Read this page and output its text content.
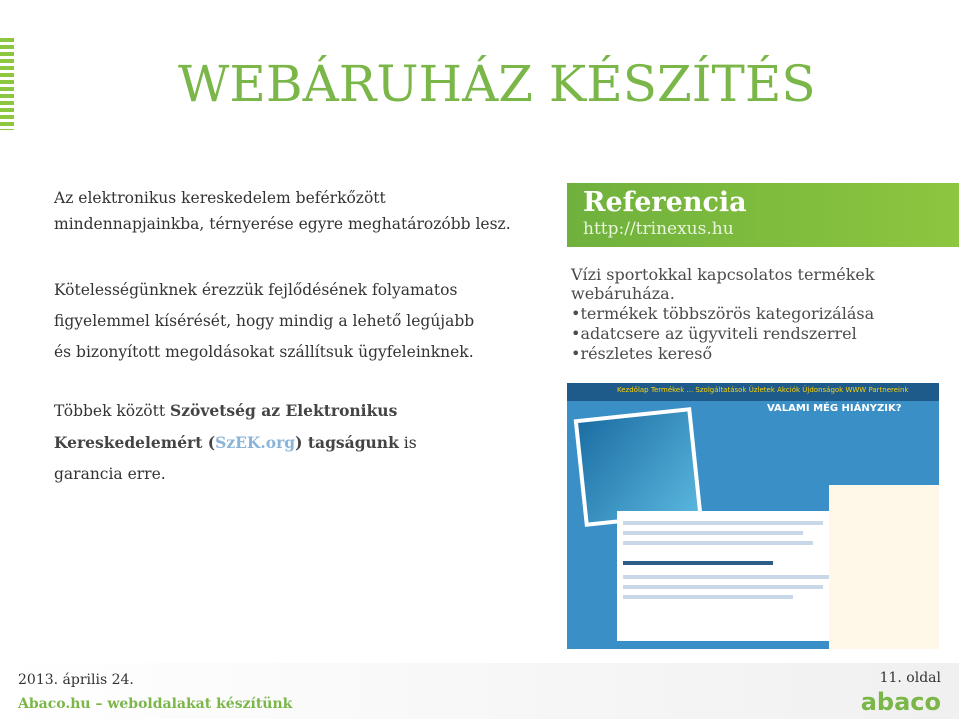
WEBÁRUHÁZ KÉSZÍTÉS
Az elektronikus kereskedelem beférkőzött mindennapjainkba, térnyerése egyre meghatározóbb lesz.
Kötelességünknek érezzük fejlődésének folyamatos figyelemmel kísérését, hogy mindig a lehető legújabb és bizonyított megoldásokat szállítsuk ügyfeleinknek.
Többek között Szövetség az Elektronikus Kereskedelemért (SzEK.org) tagságunk is garancia erre.
Referencia
http://trinexus.hu
Vízi sportokkal kapcsolatos termékek webáruháza.
•termékek többszörös kategorizálása
•adatcsere az ügyviteli rendszerrel
•részletes kereső
Kezdőlap Termékek ... Szolgáltatások Üzletek Akciók Újdonságok WWW Partnereink
VALAMI MÉG HIÁNYZIK?
2013. április 24.
Abaco.hu – weboldalakat készítünk
11. oldal
abaco
